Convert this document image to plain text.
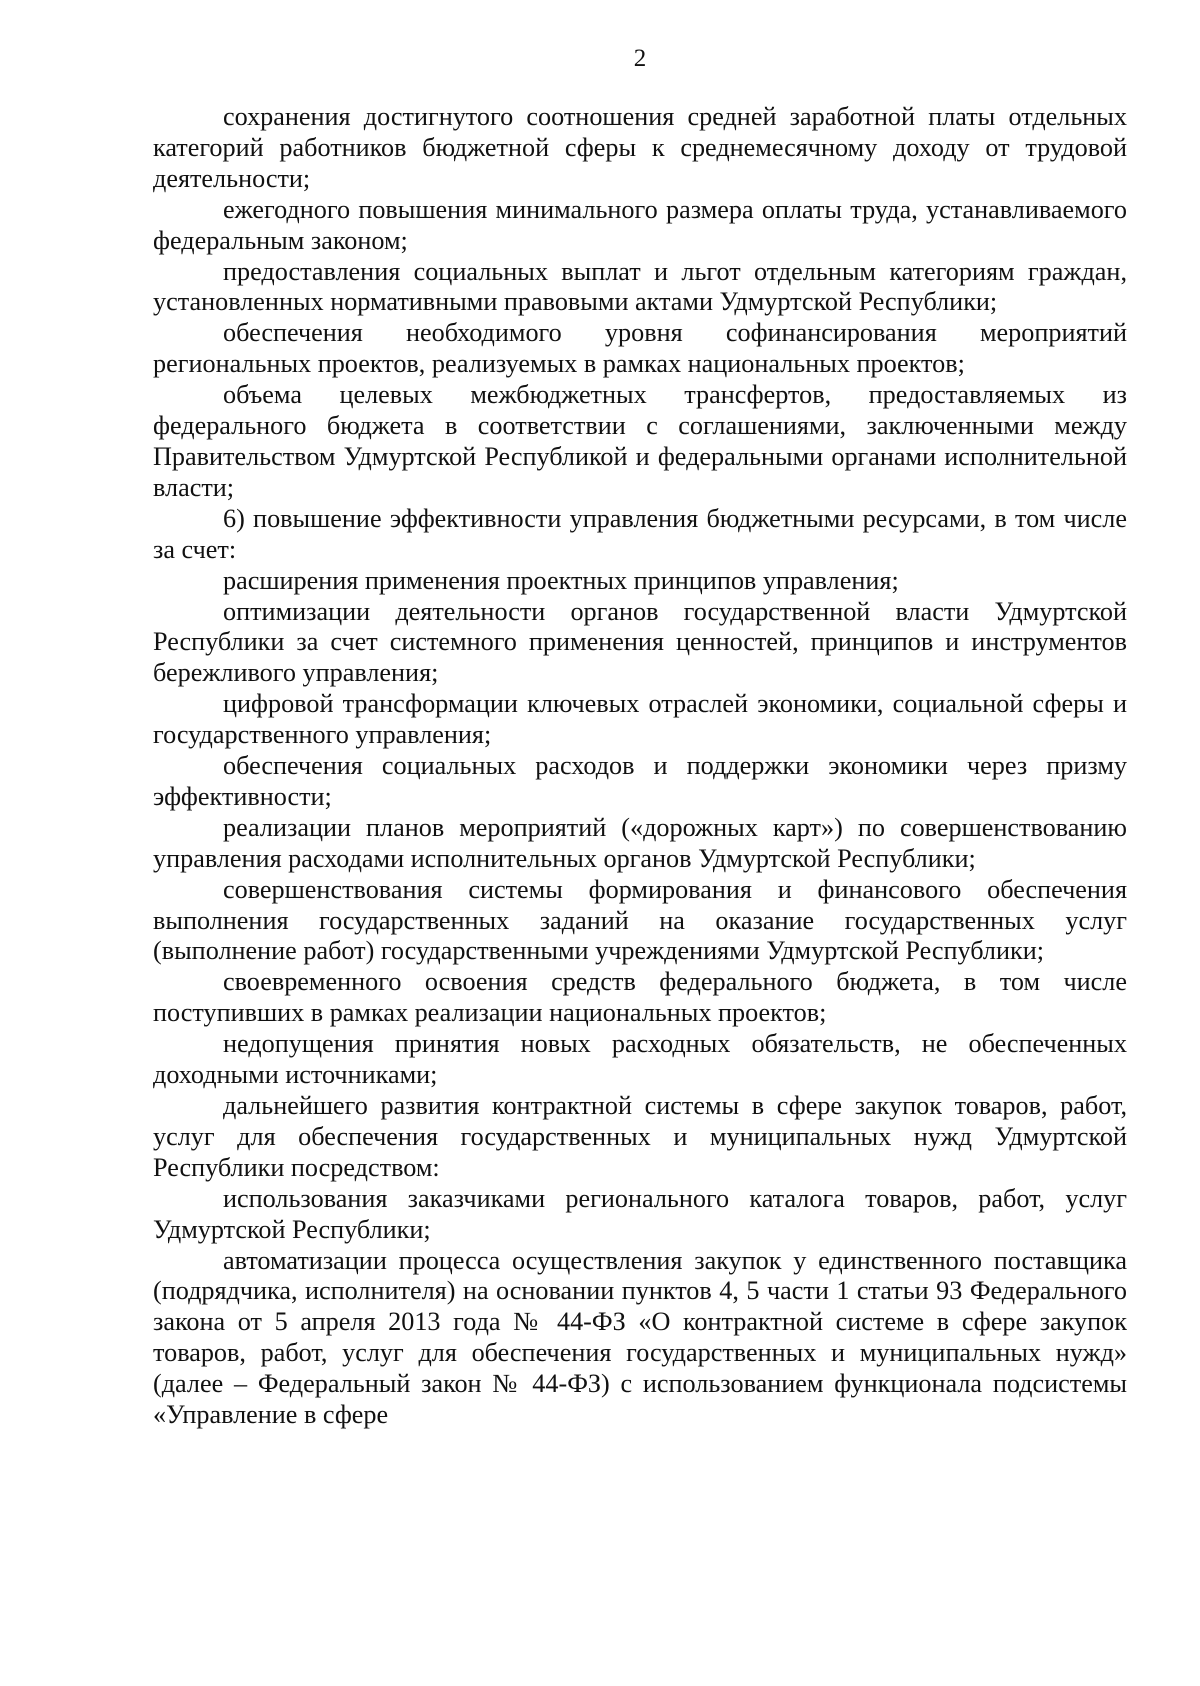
2

сохранения достигнутого соотношения средней заработной платы отдельных категорий работников бюджетной сферы к среднемесячному доходу от трудовой деятельности;

ежегодного повышения минимального размера оплаты труда, устанавливаемого федеральным законом;

предоставления социальных выплат и льгот отдельным категориям граждан, установленных нормативными правовыми актами Удмуртской Республики;

обеспечения необходимого уровня софинансирования мероприятий региональных проектов, реализуемых в рамках национальных проектов;

объема целевых межбюджетных трансфертов, предоставляемых из федерального бюджета в соответствии с соглашениями, заключенными между Правительством Удмуртской Республикой и федеральными органами исполнительной власти;

6) повышение эффективности управления бюджетными ресурсами, в том числе за счет:

расширения применения проектных принципов управления;

оптимизации деятельности органов государственной власти Удмуртской Республики за счет системного применения ценностей, принципов и инструментов бережливого управления;

цифровой трансформации ключевых отраслей экономики, социальной сферы и государственного управления;

обеспечения социальных расходов и поддержки экономики через призму эффективности;

реализации планов мероприятий («дорожных карт») по совершенствованию управления расходами исполнительных органов Удмуртской Республики;

совершенствования системы формирования и финансового обеспечения выполнения государственных заданий на оказание государственных услуг (выполнение работ) государственными учреждениями Удмуртской Республики;

своевременного освоения средств федерального бюджета, в том числе поступивших в рамках реализации национальных проектов;

недопущения принятия новых расходных обязательств, не обеспеченных доходными источниками;

дальнейшего развития контрактной системы в сфере закупок товаров, работ, услуг для обеспечения государственных и муниципальных нужд Удмуртской Республики посредством:

использования заказчиками регионального каталога товаров, работ, услуг Удмуртской Республики;

автоматизации процесса осуществления закупок у единственного поставщика (подрядчика, исполнителя) на основании пунктов 4, 5 части 1 статьи 93 Федерального закона от 5 апреля 2013 года № 44-ФЗ «О контрактной системе в сфере закупок товаров, работ, услуг для обеспечения государственных и муниципальных нужд» (далее – Федеральный закон № 44-ФЗ) с использованием функционала подсистемы «Управление в сфере
